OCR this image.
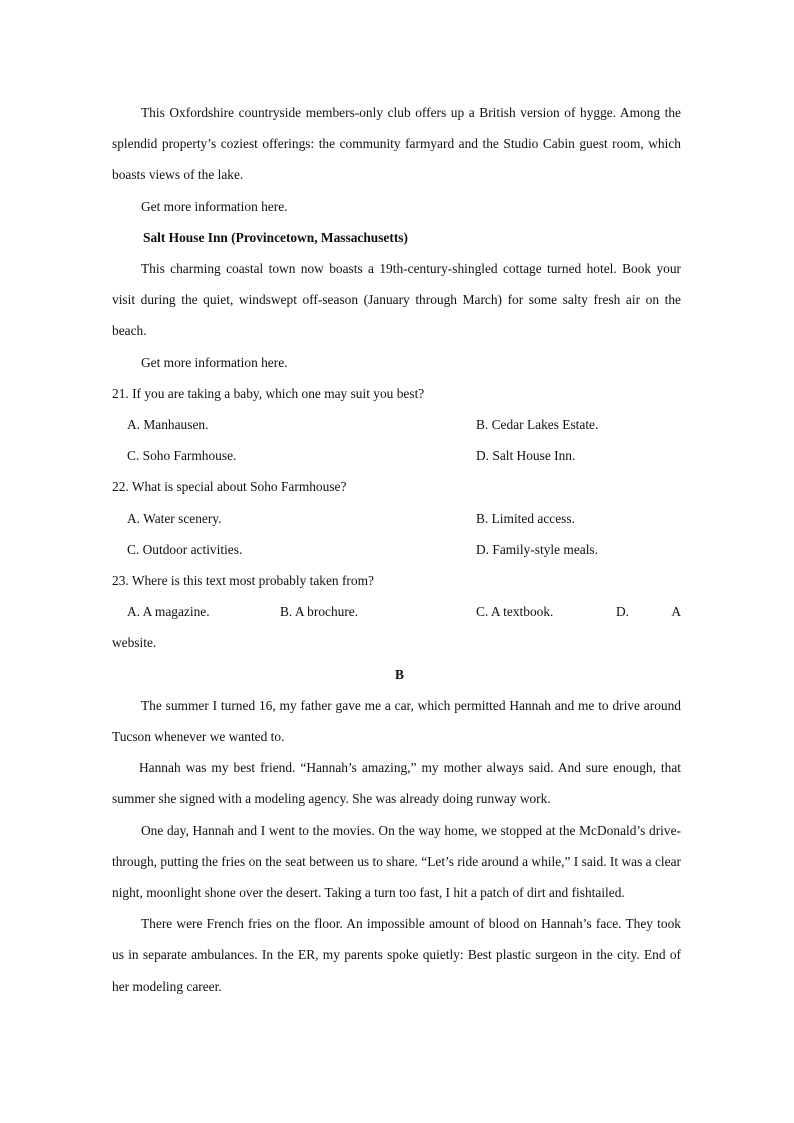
This Oxfordshire countryside members-only club offers up a British version of hygge. Among the splendid property’s coziest offerings: the community farmyard and the Studio Cabin guest room, which boasts views of the lake.

Get more information here.

Salt House Inn (Provincetown, Massachusetts)

This charming coastal town now boasts a 19th-century-shingled cottage turned hotel. Book your visit during the quiet, windswept off-season (January through March) for some salty fresh air on the beach.

Get more information here.

21. If you are taking a baby, which one may suit you best?

A. Manhausen.	B. Cedar Lakes Estate.
C. Soho Farmhouse.	D. Salt House Inn.

22. What is special about Soho Farmhouse?

A. Water scenery.	B. Limited access.
C. Outdoor activities.	D. Family-style meals.

23. Where is this text most probably taken from?

A. A magazine.	B. A brochure.	C. A textbook.	D.	A

website.

B

The summer I turned 16, my father gave me a car, which permitted Hannah and me to drive around Tucson whenever we wanted to.

Hannah was my best friend. “Hannah’s amazing,” my mother always said. And sure enough, that summer she signed with a modeling agency. She was already doing runway work.

One day, Hannah and I went to the movies. On the way home, we stopped at the McDonald’s drive-through, putting the fries on the seat between us to share. “Let’s ride around a while,” I said. It was a clear night, moonlight shone over the desert. Taking a turn too fast, I hit a patch of dirt and fishtailed.

There were French fries on the floor. An impossible amount of blood on Hannah’s face. They took us in separate ambulances. In the ER, my parents spoke quietly: Best plastic surgeon in the city. End of her modeling career.
